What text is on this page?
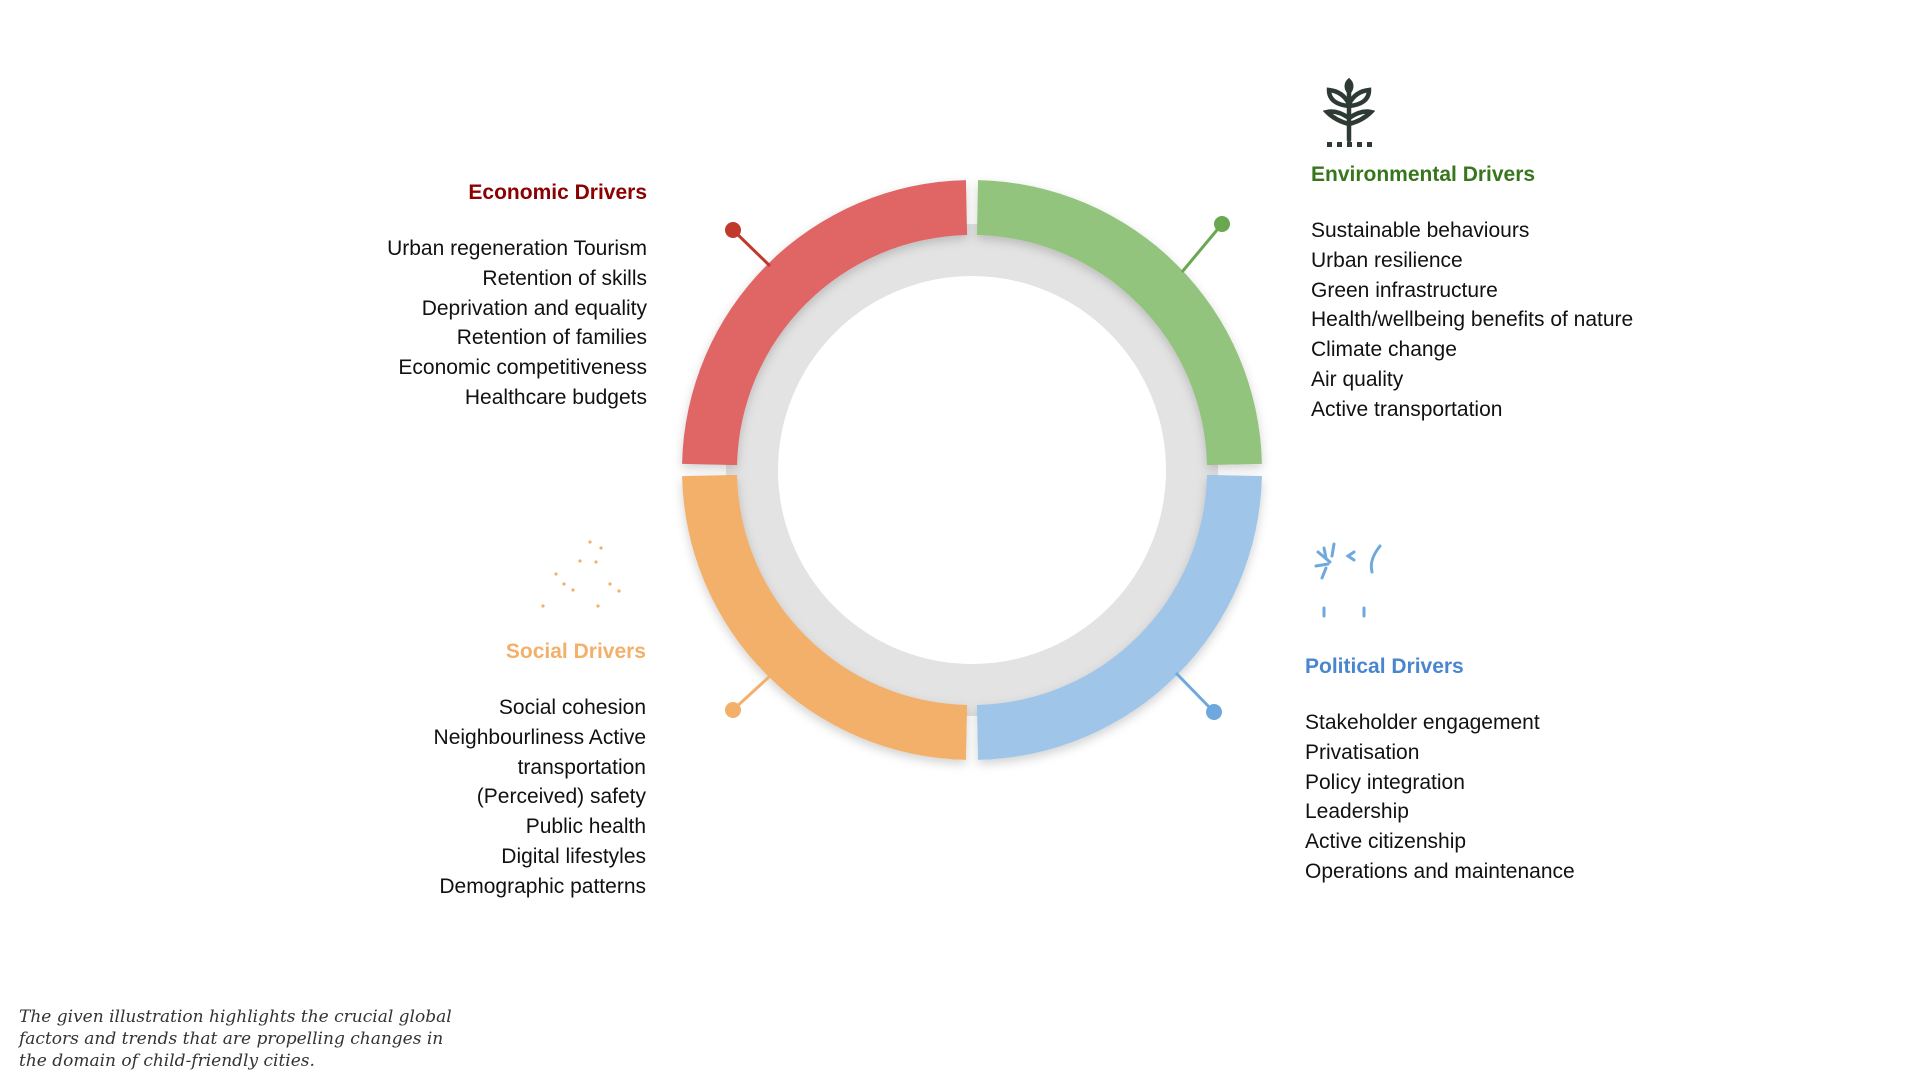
Economic Drivers
Urban regeneration Tourism
Retention of skills
Deprivation and equality
Retention of families
Economic competitiveness
Healthcare budgets
Environmental Drivers
Sustainable behaviours
Urban resilience
Green infrastructure
Health/wellbeing benefits of nature
Climate change
Air quality
Active transportation
Social Drivers
Social cohesion
Neighbourliness Active
transportation
(Perceived) safety
Public health
Digital lifestyles
Demographic patterns
Political Drivers
Stakeholder engagement
Privatisation
Policy integration
Leadership
Active citizenship
Operations and maintenance
The given illustration highlights the crucial global factors and trends that are propelling changes in the domain of child-friendly cities.
